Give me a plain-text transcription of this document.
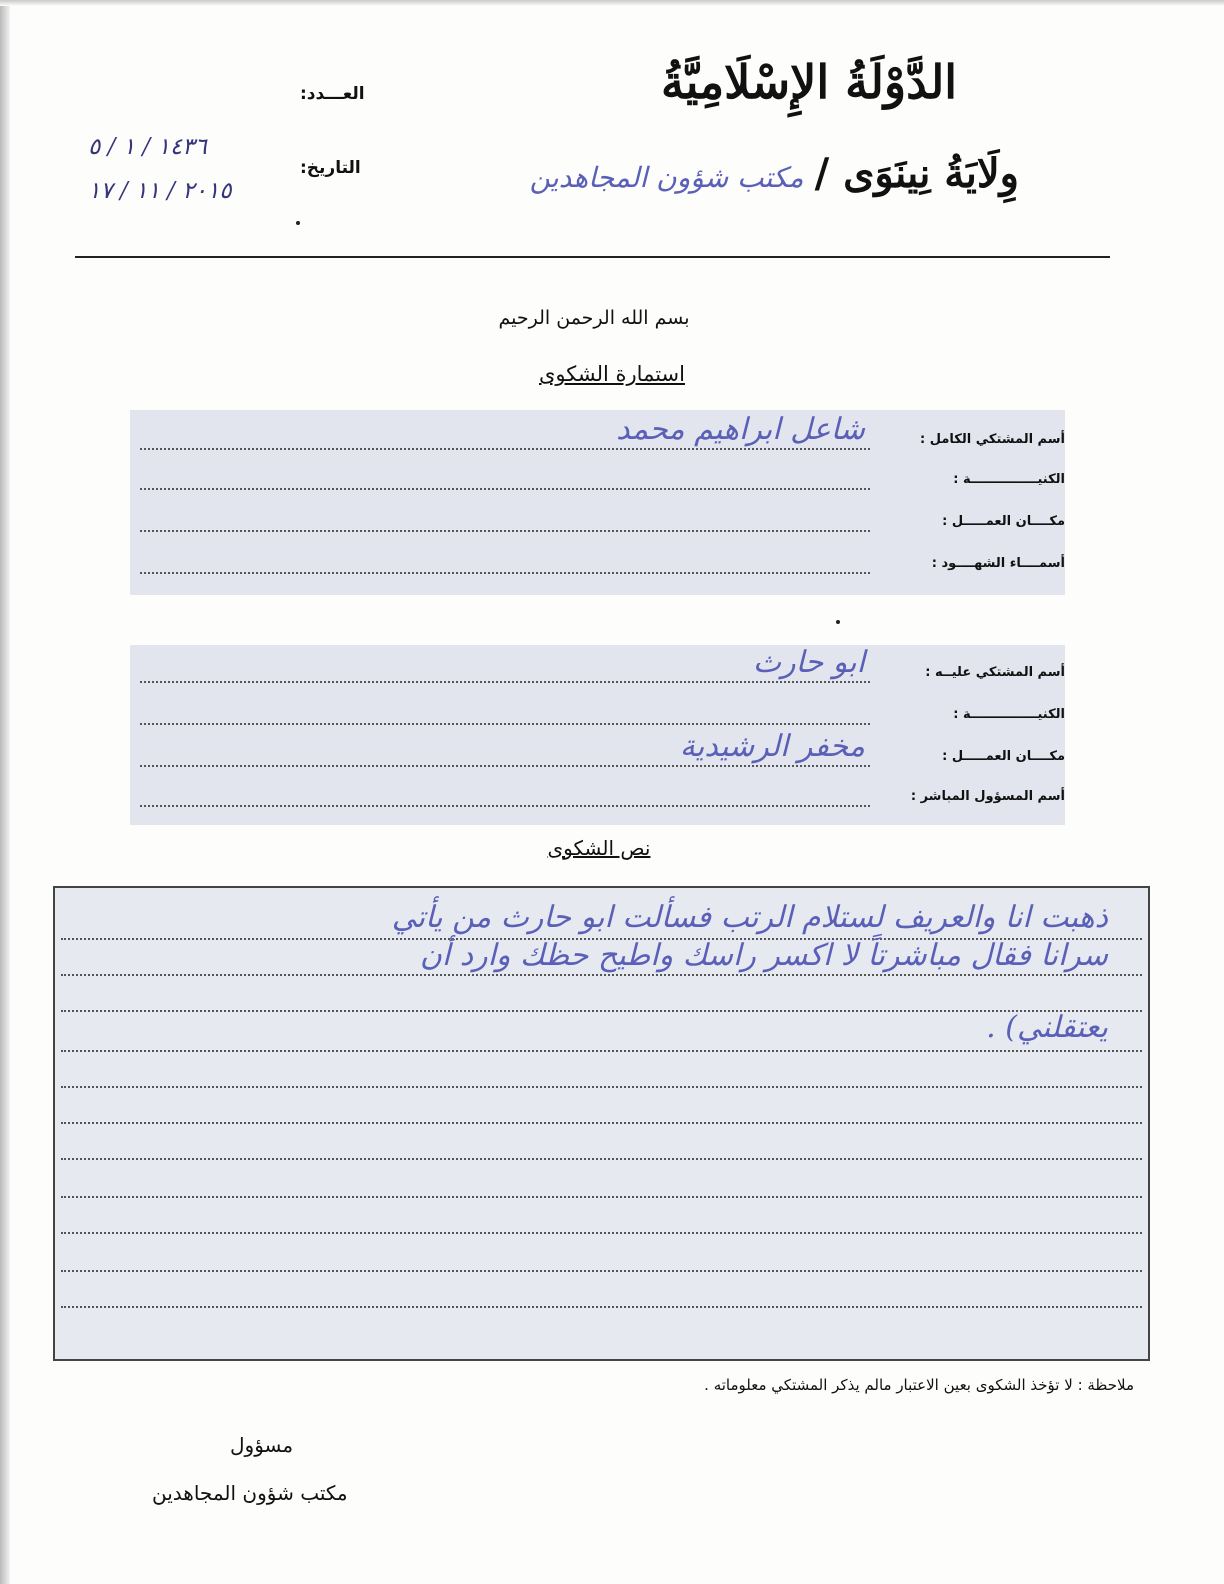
الدَّوْلَةُ الإِسْلَامِيَّةُ
وِلَايَةُ نِينَوَى / مكتب شؤون المجاهدين
العـــدد:
التاريخ:
١٤٣٦ / ١ / ٥
٢٠١٥ / ١١ / ١٧
بسم الله الرحمن الرحيم
استمارة الشكوى
أسم المشتكي الكامل :
شاعل ابراهيم محمد
الكنيـــــــــــــــة :
مكــــان العمـــــل :
أسمــــاء الشهــــود :
أسم المشتكي عليــه :
ابو حارث
الكنيـــــــــــــــة :
مكــــان العمـــــل :
مخفر الرشيدية
أسم المسؤول المباشر :
نص الشكوى
ذهبت انا والعريف لستلام الرتب فسألت ابو حارث من يأتي
سرانا فقال مباشرتاً لا اكسر راسك واطيح حظك وارد أن
يعتقلني) .
ملاحظة : لا تؤخذ الشكوى بعين الاعتبار مالم يذكر المشتكي معلوماته .
مسؤول
مكتب شؤون المجاهدين
